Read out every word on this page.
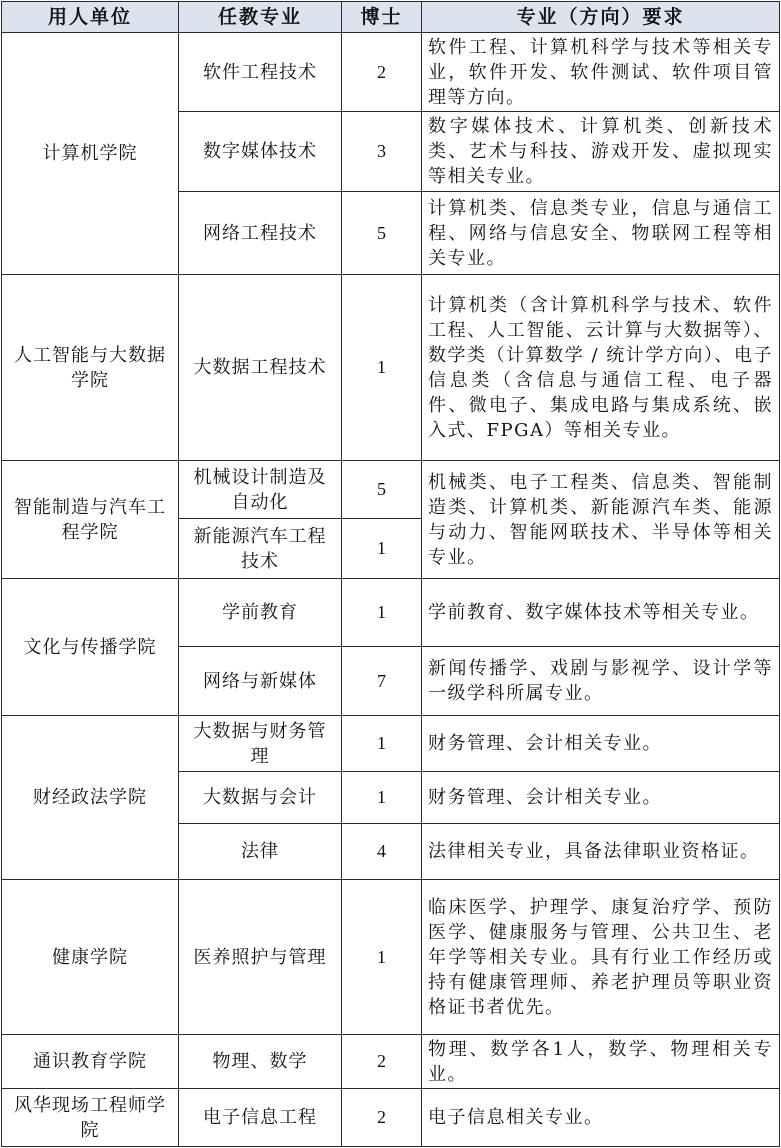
用人单位	任教专业	博士	专业（方向）要求
计算机学院	软件工程技术	2	软件工程、计算机科学与技术等相关专业，软件开发、软件测试、软件项目管理等方向。
	数字媒体技术	3	数字媒体技术、计算机类、创新技术类、艺术与科技、游戏开发、虚拟现实等相关专业。
	网络工程技术	5	计算机类、信息类专业，信息与通信工程、网络与信息安全、物联网工程等相关专业。
人工智能与大数据学院	大数据工程技术	1	计算机类（含计算机科学与技术、软件工程、人工智能、云计算与大数据等）、数学类（计算数学 / 统计学方向）、电子信息类（含信息与通信工程、电子器件、微电子、集成电路与集成系统、嵌入式、FPGA）等相关专业。
智能制造与汽车工程学院	机械设计制造及自动化	5	机械类、电子工程类、信息类、智能制造类、计算机类、新能源汽车类、能源与动力、智能网联技术、半导体等相关专业。
	新能源汽车工程技术	1	
文化与传播学院	学前教育	1	学前教育、数字媒体技术等相关专业。
	网络与新媒体	7	新闻传播学、戏剧与影视学、设计学等一级学科所属专业。
财经政法学院	大数据与财务管理	1	财务管理、会计相关专业。
	大数据与会计	1	财务管理、会计相关专业。
	法律	4	法律相关专业，具备法律职业资格证。
健康学院	医养照护与管理	1	临床医学、护理学、康复治疗学、预防医学、健康服务与管理、公共卫生、老年学等相关专业。具有行业工作经历或持有健康管理师、养老护理员等职业资格证书者优先。
通识教育学院	物理、数学	2	物理、数学各1人，数学、物理相关专业。
风华现场工程师学院	电子信息工程	2	电子信息相关专业。
